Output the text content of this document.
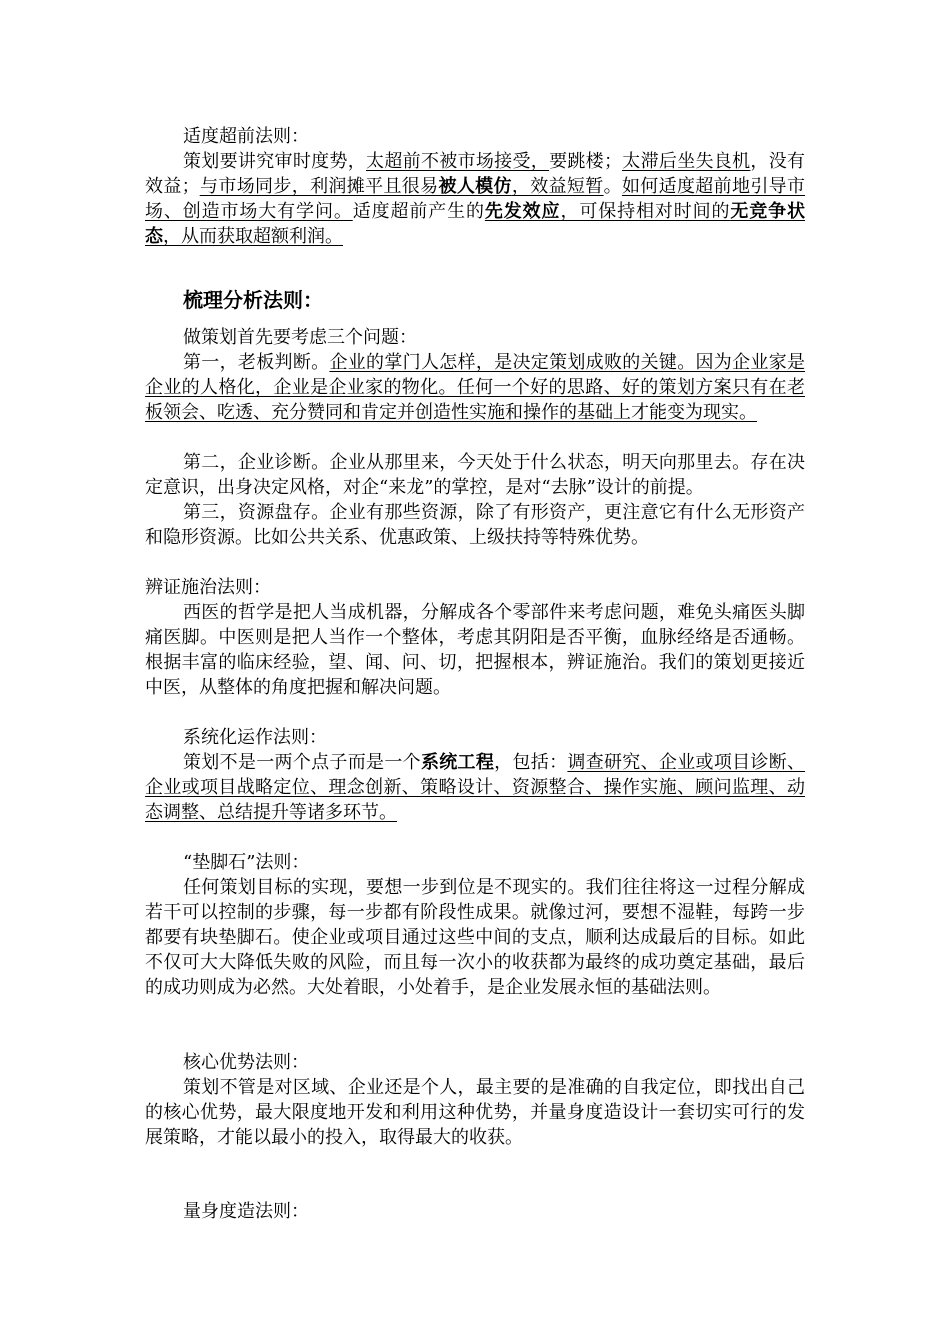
适度超前法则：

策划要讲究审时度势，太超前不被市场接受，要跳楼；太滞后坐失良机，没有效益；与市场同步，利润摊平且很易被人模仿，效益短暂。如何适度超前地引导市场、创造市场大有学问。适度超前产生的先发效应，可保持相对时间的无竞争状态，从而获取超额利润。

梳理分析法则：

做策划首先要考虑三个问题：

第一，老板判断。企业的掌门人怎样，是决定策划成败的关键。因为企业家是企业的人格化，企业是企业家的物化。任何一个好的思路、好的策划方案只有在老板领会、吃透、充分赞同和肯定并创造性实施和操作的基础上才能变为现实。

第二，企业诊断。企业从那里来，今天处于什么状态，明天向那里去。存在决定意识，出身决定风格，对企“来龙”的掌控，是对“去脉”设计的前提。

第三，资源盘存。企业有那些资源，除了有形资产，更注意它有什么无形资产和隐形资源。比如公共关系、优惠政策、上级扶持等特殊优势。

辨证施治法则：

西医的哲学是把人当成机器，分解成各个零部件来考虑问题，难免头痛医头脚痛医脚。中医则是把人当作一个整体，考虑其阴阳是否平衡，血脉经络是否通畅。根据丰富的临床经验，望、闻、问、切，把握根本，辨证施治。我们的策划更接近中医，从整体的角度把握和解决问题。

系统化运作法则：

策划不是一两个点子而是一个系统工程，包括：调查研究、企业或项目诊断、企业或项目战略定位、理念创新、策略设计、资源整合、操作实施、顾问监理、动态调整、总结提升等诸多环节。

“垫脚石”法则：

任何策划目标的实现，要想一步到位是不现实的。我们往往将这一过程分解成若干可以控制的步骤，每一步都有阶段性成果。就像过河，要想不湿鞋，每跨一步都要有块垫脚石。使企业或项目通过这些中间的支点，顺利达成最后的目标。如此不仅可大大降低失败的风险，而且每一次小的收获都为最终的成功奠定基础，最后的成功则成为必然。大处着眼，小处着手，是企业发展永恒的基础法则。

核心优势法则：

策划不管是对区域、企业还是个人，最主要的是准确的自我定位，即找出自己的核心优势，最大限度地开发和利用这种优势，并量身度造设计一套切实可行的发展策略，才能以最小的投入，取得最大的收获。

量身度造法则：
